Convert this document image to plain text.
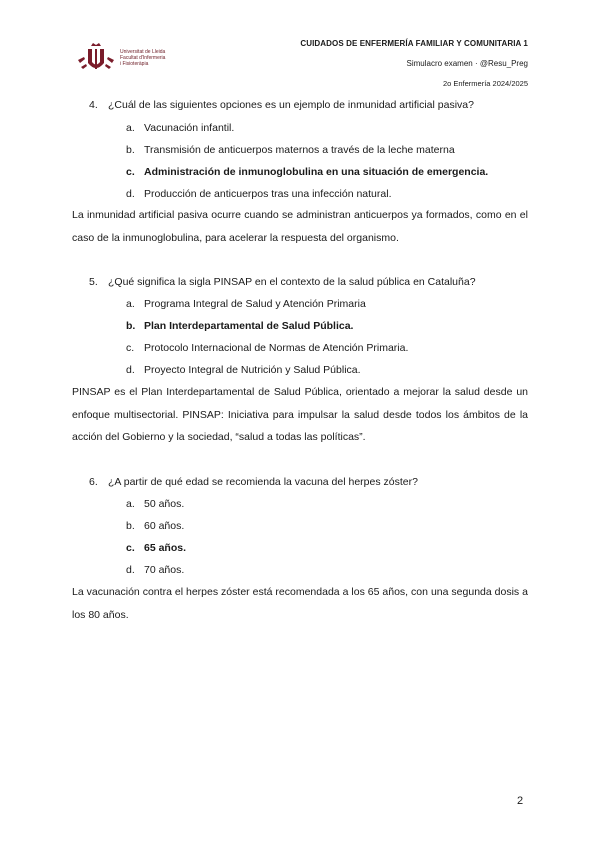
Universitat de Lleida
Facultat d'Infermeria
i Fisioteràpia
CUIDADOS DE ENFERMERÍA FAMILIAR Y COMUNITARIA 1
Simulacro examen · @Resu_Preg
2o Enfermería 2024/2025
4. ¿Cuál de las siguientes opciones es un ejemplo de inmunidad artificial pasiva?
a. Vacunación infantil.
b. Transmisión de anticuerpos maternos a través de la leche materna
c. Administración de inmunoglobulina en una situación de emergencia.
d. Producción de anticuerpos tras una infección natural.

La inmunidad artificial pasiva ocurre cuando se administran anticuerpos ya formados, como en el caso de la inmunoglobulina, para acelerar la respuesta del organismo.

5. ¿Qué significa la sigla PINSAP en el contexto de la salud pública en Cataluña?
a. Programa Integral de Salud y Atención Primaria
b. Plan Interdepartamental de Salud Pública.
c. Protocolo Internacional de Normas de Atención Primaria.
d. Proyecto Integral de Nutrición y Salud Pública.

PINSAP es el Plan Interdepartamental de Salud Pública, orientado a mejorar la salud desde un enfoque multisectorial. PINSAP: Iniciativa para impulsar la salud desde todos los ámbitos de la acción del Gobierno y la sociedad, “salud a todas las políticas”.

6. ¿A partir de qué edad se recomienda la vacuna del herpes zóster?
a. 50 años.
b. 60 años.
c. 65 años.
d. 70 años.

La vacunación contra el herpes zóster está recomendada a los 65 años, con una segunda dosis a los 80 años.

2
